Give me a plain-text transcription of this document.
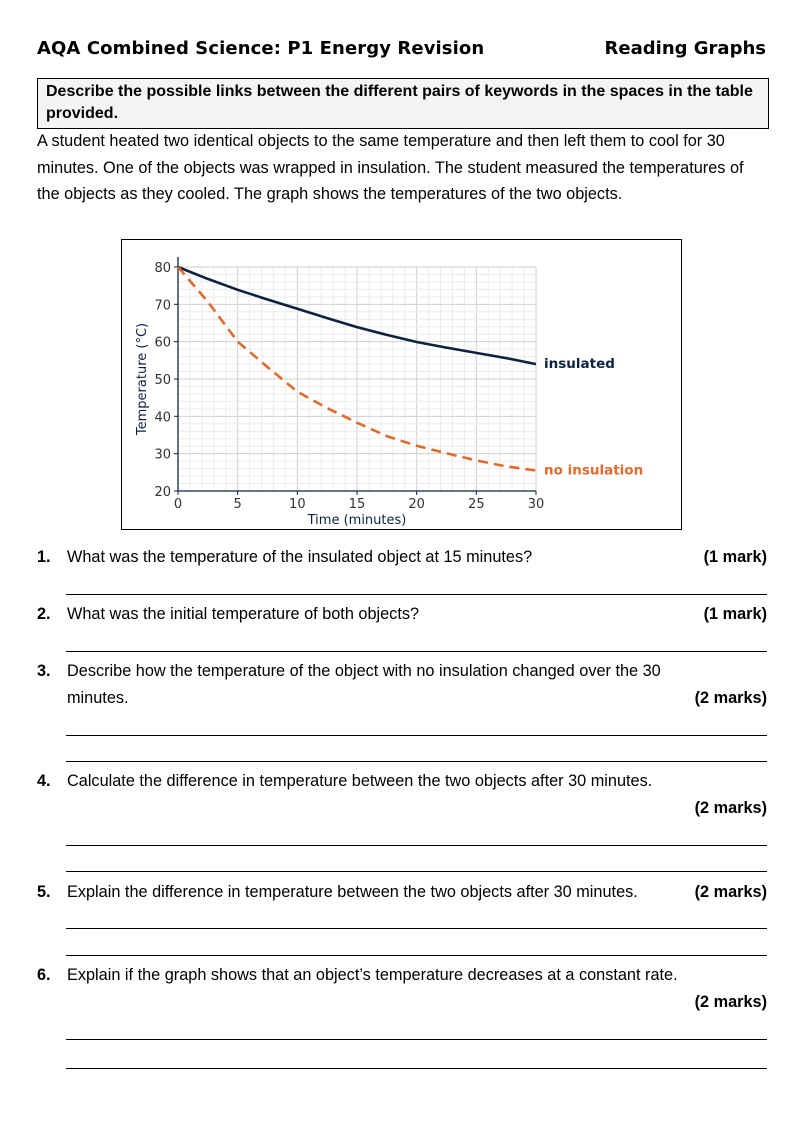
AQA Combined Science: P1 Energy Revision	Reading Graphs
Describe the possible links between the different pairs of keywords in the spaces in the table provided.
A student heated two identical objects to the same temperature and then left them to cool for 30 minutes. One of the objects was wrapped in insulation. The student measured the temperatures of the objects as they cooled. The graph shows the temperatures of the two objects.
0	5	10	15	20	25	30
20
30
40
50
60
70
80
Time (minutes)
Temperature (°C)	insulated
no insulation
1. What was the temperature of the insulated object at 15 minutes?	(1 mark)
2. What was the initial temperature of both objects?	(1 mark)
3. Describe how the temperature of the object with no insulation changed over the 30 minutes.	(2 marks)
4. Calculate the difference in temperature between the two objects after 30 minutes.
(2 marks)
5. Explain the difference in temperature between the two objects after 30 minutes.	(2 marks)
6. Explain if the graph shows that an object’s temperature decreases at a constant rate.
(2 marks)
